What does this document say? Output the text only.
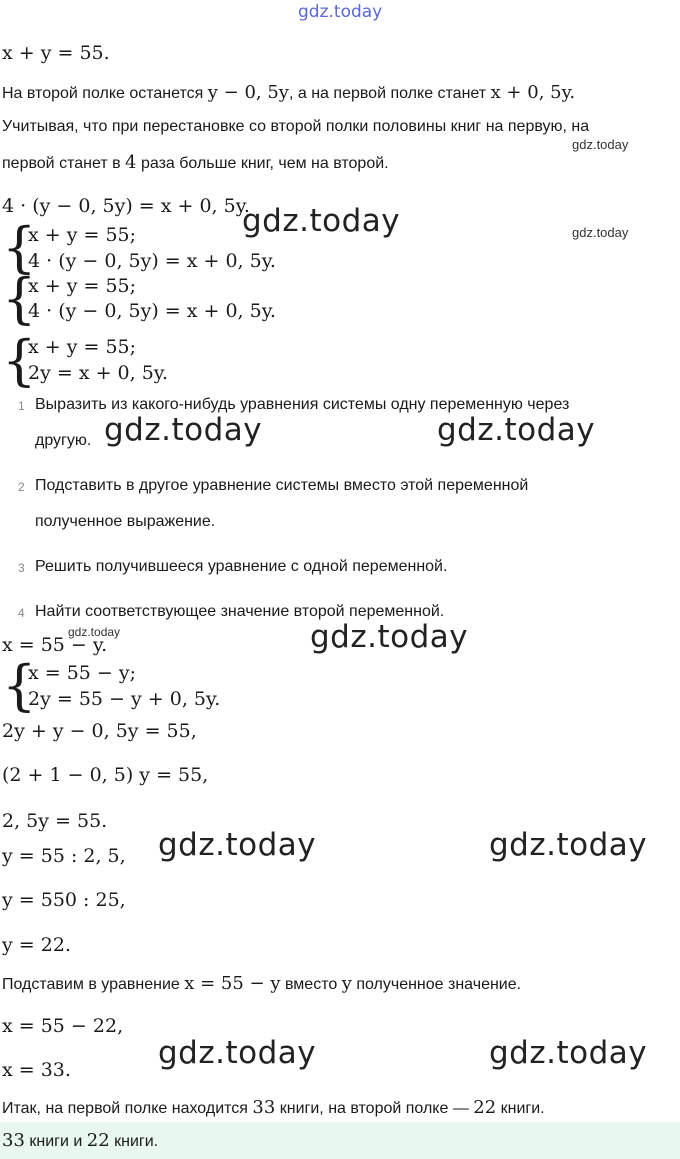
gdz.today
x + y = 55.
На второй полке останется y − 0, 5y, а на первой полке станет x + 0, 5y.
Учитывая, что при перестановке со второй полки половины книг на первую, на
первой станет в 4 раза больше книг, чем на второй.
gdz.today
4 · (y − 0, 5y) = x + 0, 5y.
gdz.today	gdz.today
{
{
x + y = 55;
4 · (y − 0, 5y) = x + 0, 5y.
x + y = 55;
4 · (y − 0, 5y) = x + 0, 5y.
{
x + y = 55;
2y = x + 0, 5y.
1 Выразить из какого-нибудь уравнения системы одну переменную через
другую. gdz.today	gdz.today
2 Подставить в другое уравнение системы вместо этой переменной
полученное выражение.
3 Решить получившееся уравнение с одной переменной.
4 Найти соответствующее значение второй переменной.
x = 55 − y.
gdz.today	gdz.today
{
x = 55 − y;
2y = 55 − y + 0, 5y.
2y + y − 0, 5y = 55,
(2 + 1 − 0, 5) y = 55,
2, 5y = 55.
y = 55 : 2, 5, gdz.today	gdz.today
y = 550 : 25,
y = 22.
Подставим в уравнение x = 55 − y вместо y полученное значение.
x = 55 − 22,
x = 33.	gdz.today	gdz.today
Итак, на первой полке находится 33 книги, на второй полке — 22 книги.
33 книги и 22 книги.
